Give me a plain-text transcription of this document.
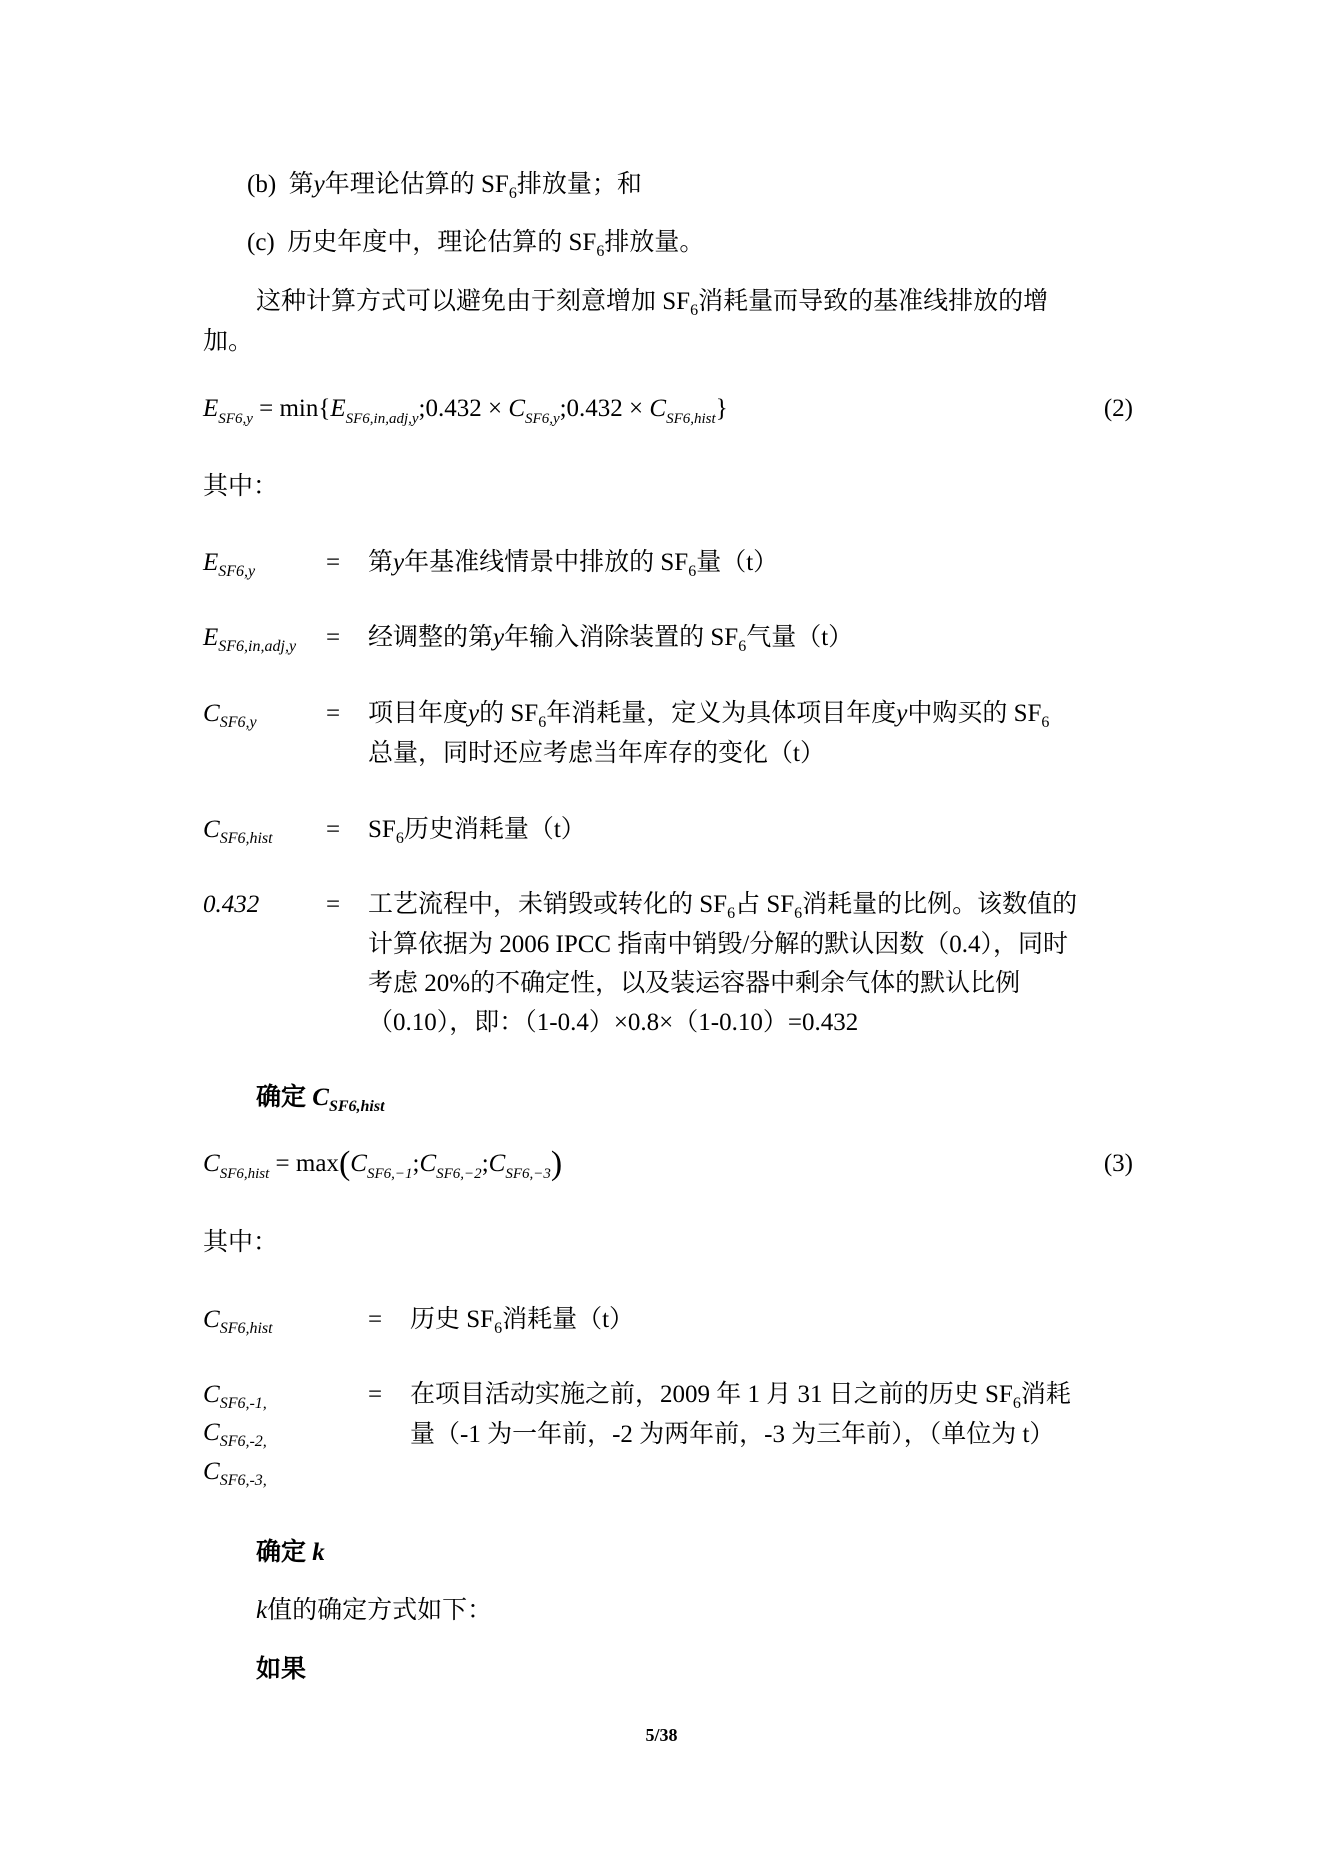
(b) 第y年理论估算的 $SF_6$排放量；和
(c) 历史年度中，理论估算的 $SF_6$排放量。
这种计算方式可以避免由于刻意增加 $SF_6$消耗量而导致的基准线排放的增
加。
$E_{SF6,y}$ = $\min\{E_{SF6,in,adj,y};0.432$ × $C_{SF6,y};0.432 \times C_{SF6,hist}$}	(2)
其中：
$E_{SF6,y}$	= 第y年基准线情景中排放的 $SF_6$量（t）
$E_{SF6,in,adj,y}$ = 经调整的第y年输入消除装置的 $SF_6$气量（t）
$C_{SF6,y}$	= 项目年度y的 $SF_6$年消耗量，定义为具体项目年度y中购买的 $SF_6$
总量，同时还应考虑当年库存的变化（t）
$C_{SF6,hist} = SF_6$历史消耗量（t）
0.432	= 工艺流程中，未销毁或转化的 $SF_6$占 $SF_6$消耗量的比例。该数值的
计算依据为 2006 IPCC 指南中销毁/分解的默认因数（0.4），同时
考虑 20%的不确定性，以及装运容器中剩余气体的默认比例
（0.10），即：（1-0.4）×0.8×（1-0.10）=0.432
确定 $C_{SF6,hist}$
$C_{SF6,hist}$ = $\max(C_{SF6,-1};C_{SF6,-2};C_{SF6,-3})$	(3)
其中：
$C_{SF6,hist}$	= 历史 $SF_6$消耗量（t）
$C_{SF6,-1,}$
$C_{SF6,-2,}$
$C_{SF6,-3,}$
= 在项目活动实施之前，2009 年 1 月 31 日之前的历史 $SF_6$消耗
量（-1 为一年前，-2 为两年前，-3 为三年前），（单位为 t）
确定 k
k值的确定方式如下：
如果
5/38
